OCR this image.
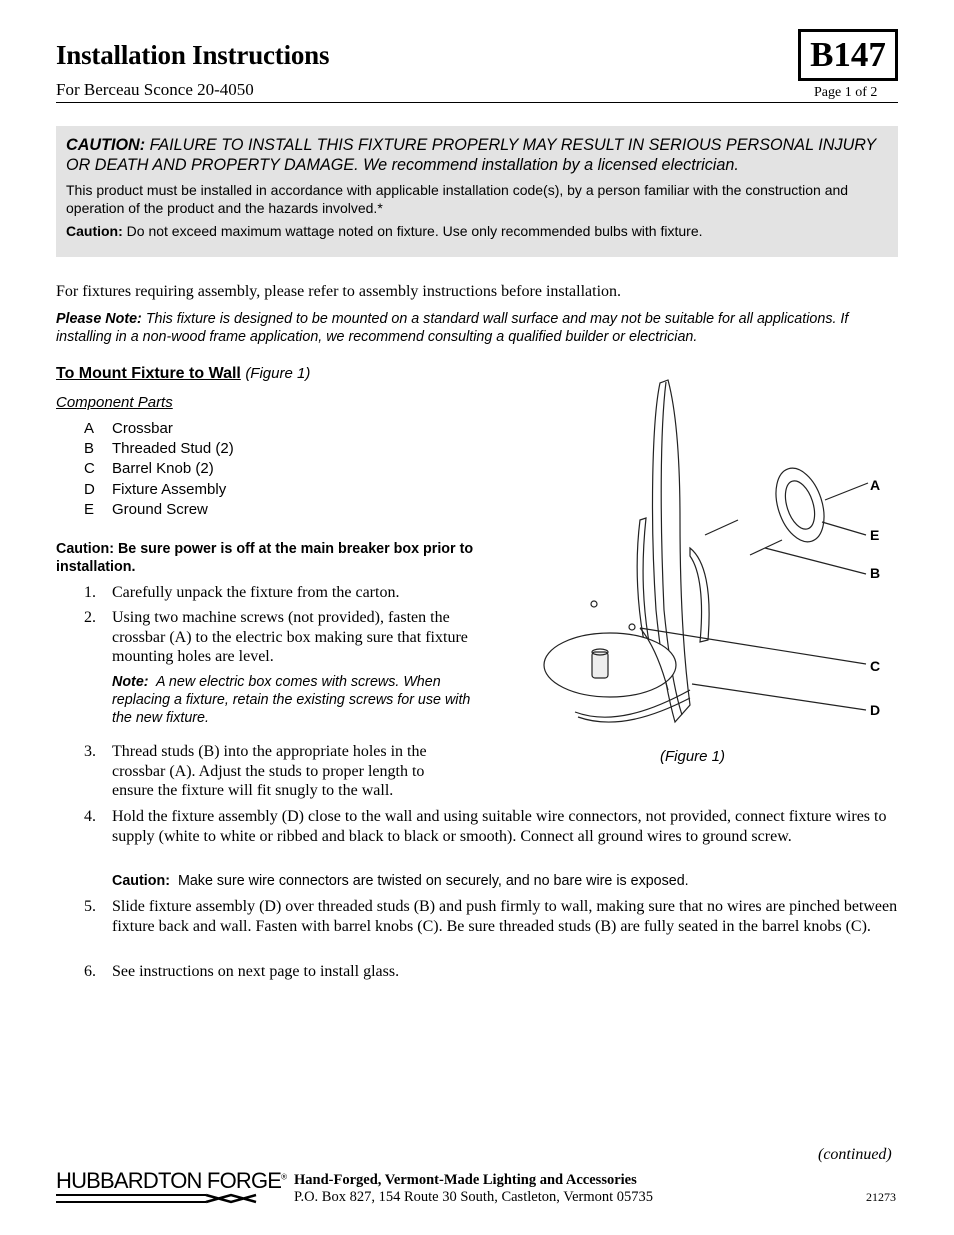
Installation Instructions
For Berceau Sconce 20-4050
B147
Page 1 of 2
CAUTION: FAILURE TO INSTALL THIS FIXTURE PROPERLY MAY RESULT IN SERIOUS PERSONAL INJURY OR DEATH AND PROPERTY DAMAGE. We recommend installation by a licensed electrician.
This product must be installed in accordance with applicable installation code(s), by a person familiar with the construction and operation of the product and the hazards involved.*
Caution: Do not exceed maximum wattage noted on fixture. Use only recommended bulbs with fixture.
For fixtures requiring assembly, please refer to assembly instructions before installation.
Please Note: This fixture is designed to be mounted on a standard wall surface and may not be suitable for all applications. If installing in a non-wood frame application, we recommend consulting a qualified builder or electrician.
To Mount Fixture to Wall (Figure 1)
Component Parts
A	Crossbar
B	Threaded Stud (2)
C	Barrel Knob (2)
D	Fixture Assembly
E	Ground Screw
Caution: Be sure power is off at the main breaker box prior to installation.
1. Carefully unpack the fixture from the carton.
2. Using two machine screws (not provided), fasten the crossbar (A) to the electric box making sure that fixture mounting holes are level.
Note: A new electric box comes with screws. When replacing a fixture, retain the existing screws for use with the new fixture.
3. Thread studs (B) into the appropriate holes in the crossbar (A). Adjust the studs to proper length to ensure the fixture will fit snugly to the wall.
4. Hold the fixture assembly (D) close to the wall and using suitable wire connectors, not provided, connect fixture wires to supply (white to white or ribbed and black to black or smooth). Connect all ground wires to ground screw.
Caution: Make sure wire connectors are twisted on securely, and no bare wire is exposed.
5. Slide fixture assembly (D) over threaded studs (B) and push firmly to wall, making sure that no wires are pinched between fixture back and wall. Fasten with barrel knobs (C). Be sure threaded studs (B) are fully seated in the barrel knobs (C).
6. See instructions on next page to install glass.
A
E
B
C
D
(Figure 1)
(continued)
HUBBARDTON FORGE® Hand-Forged, Vermont-Made Lighting and Accessories
P.O. Box 827, 154 Route 30 South, Castleton, Vermont 05735	21273
